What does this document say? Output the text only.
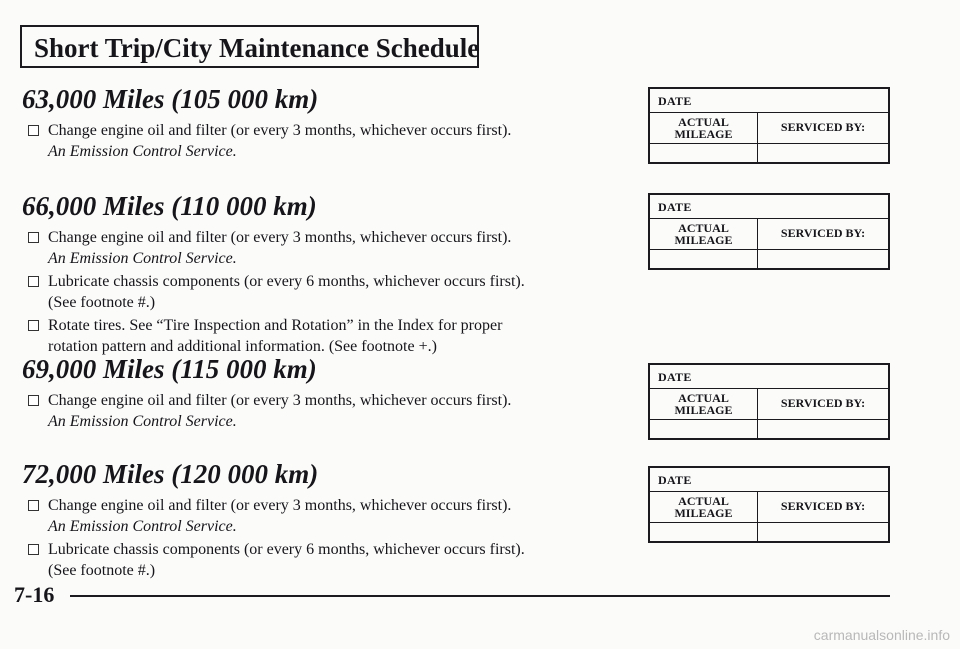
Short Trip/City Maintenance Schedule
63,000 Miles (105 000 km)
Change engine oil and filter (or every 3 months, whichever occurs first).
An Emission Control Service.
66,000 Miles (110 000 km)
Change engine oil and filter (or every 3 months, whichever occurs first).
An Emission Control Service.
Lubricate chassis components (or every 6 months, whichever occurs first).
(See footnote #.)
Rotate tires. See “Tire Inspection and Rotation” in the Index for proper
rotation pattern and additional information. (See footnote +.)
69,000 Miles (115 000 km)
Change engine oil and filter (or every 3 months, whichever occurs first).
An Emission Control Service.
72,000 Miles (120 000 km)
Change engine oil and filter (or every 3 months, whichever occurs first).
An Emission Control Service.
Lubricate chassis components (or every 6 months, whichever occurs first).
(See footnote #.)
DATE
ACTUAL
MILEAGE	SERVICED BY:
DATE
ACTUAL
MILEAGE	SERVICED BY:
DATE
ACTUAL
MILEAGE	SERVICED BY:
DATE
ACTUAL
MILEAGE	SERVICED BY:
7-16
carmanualsonline.info
